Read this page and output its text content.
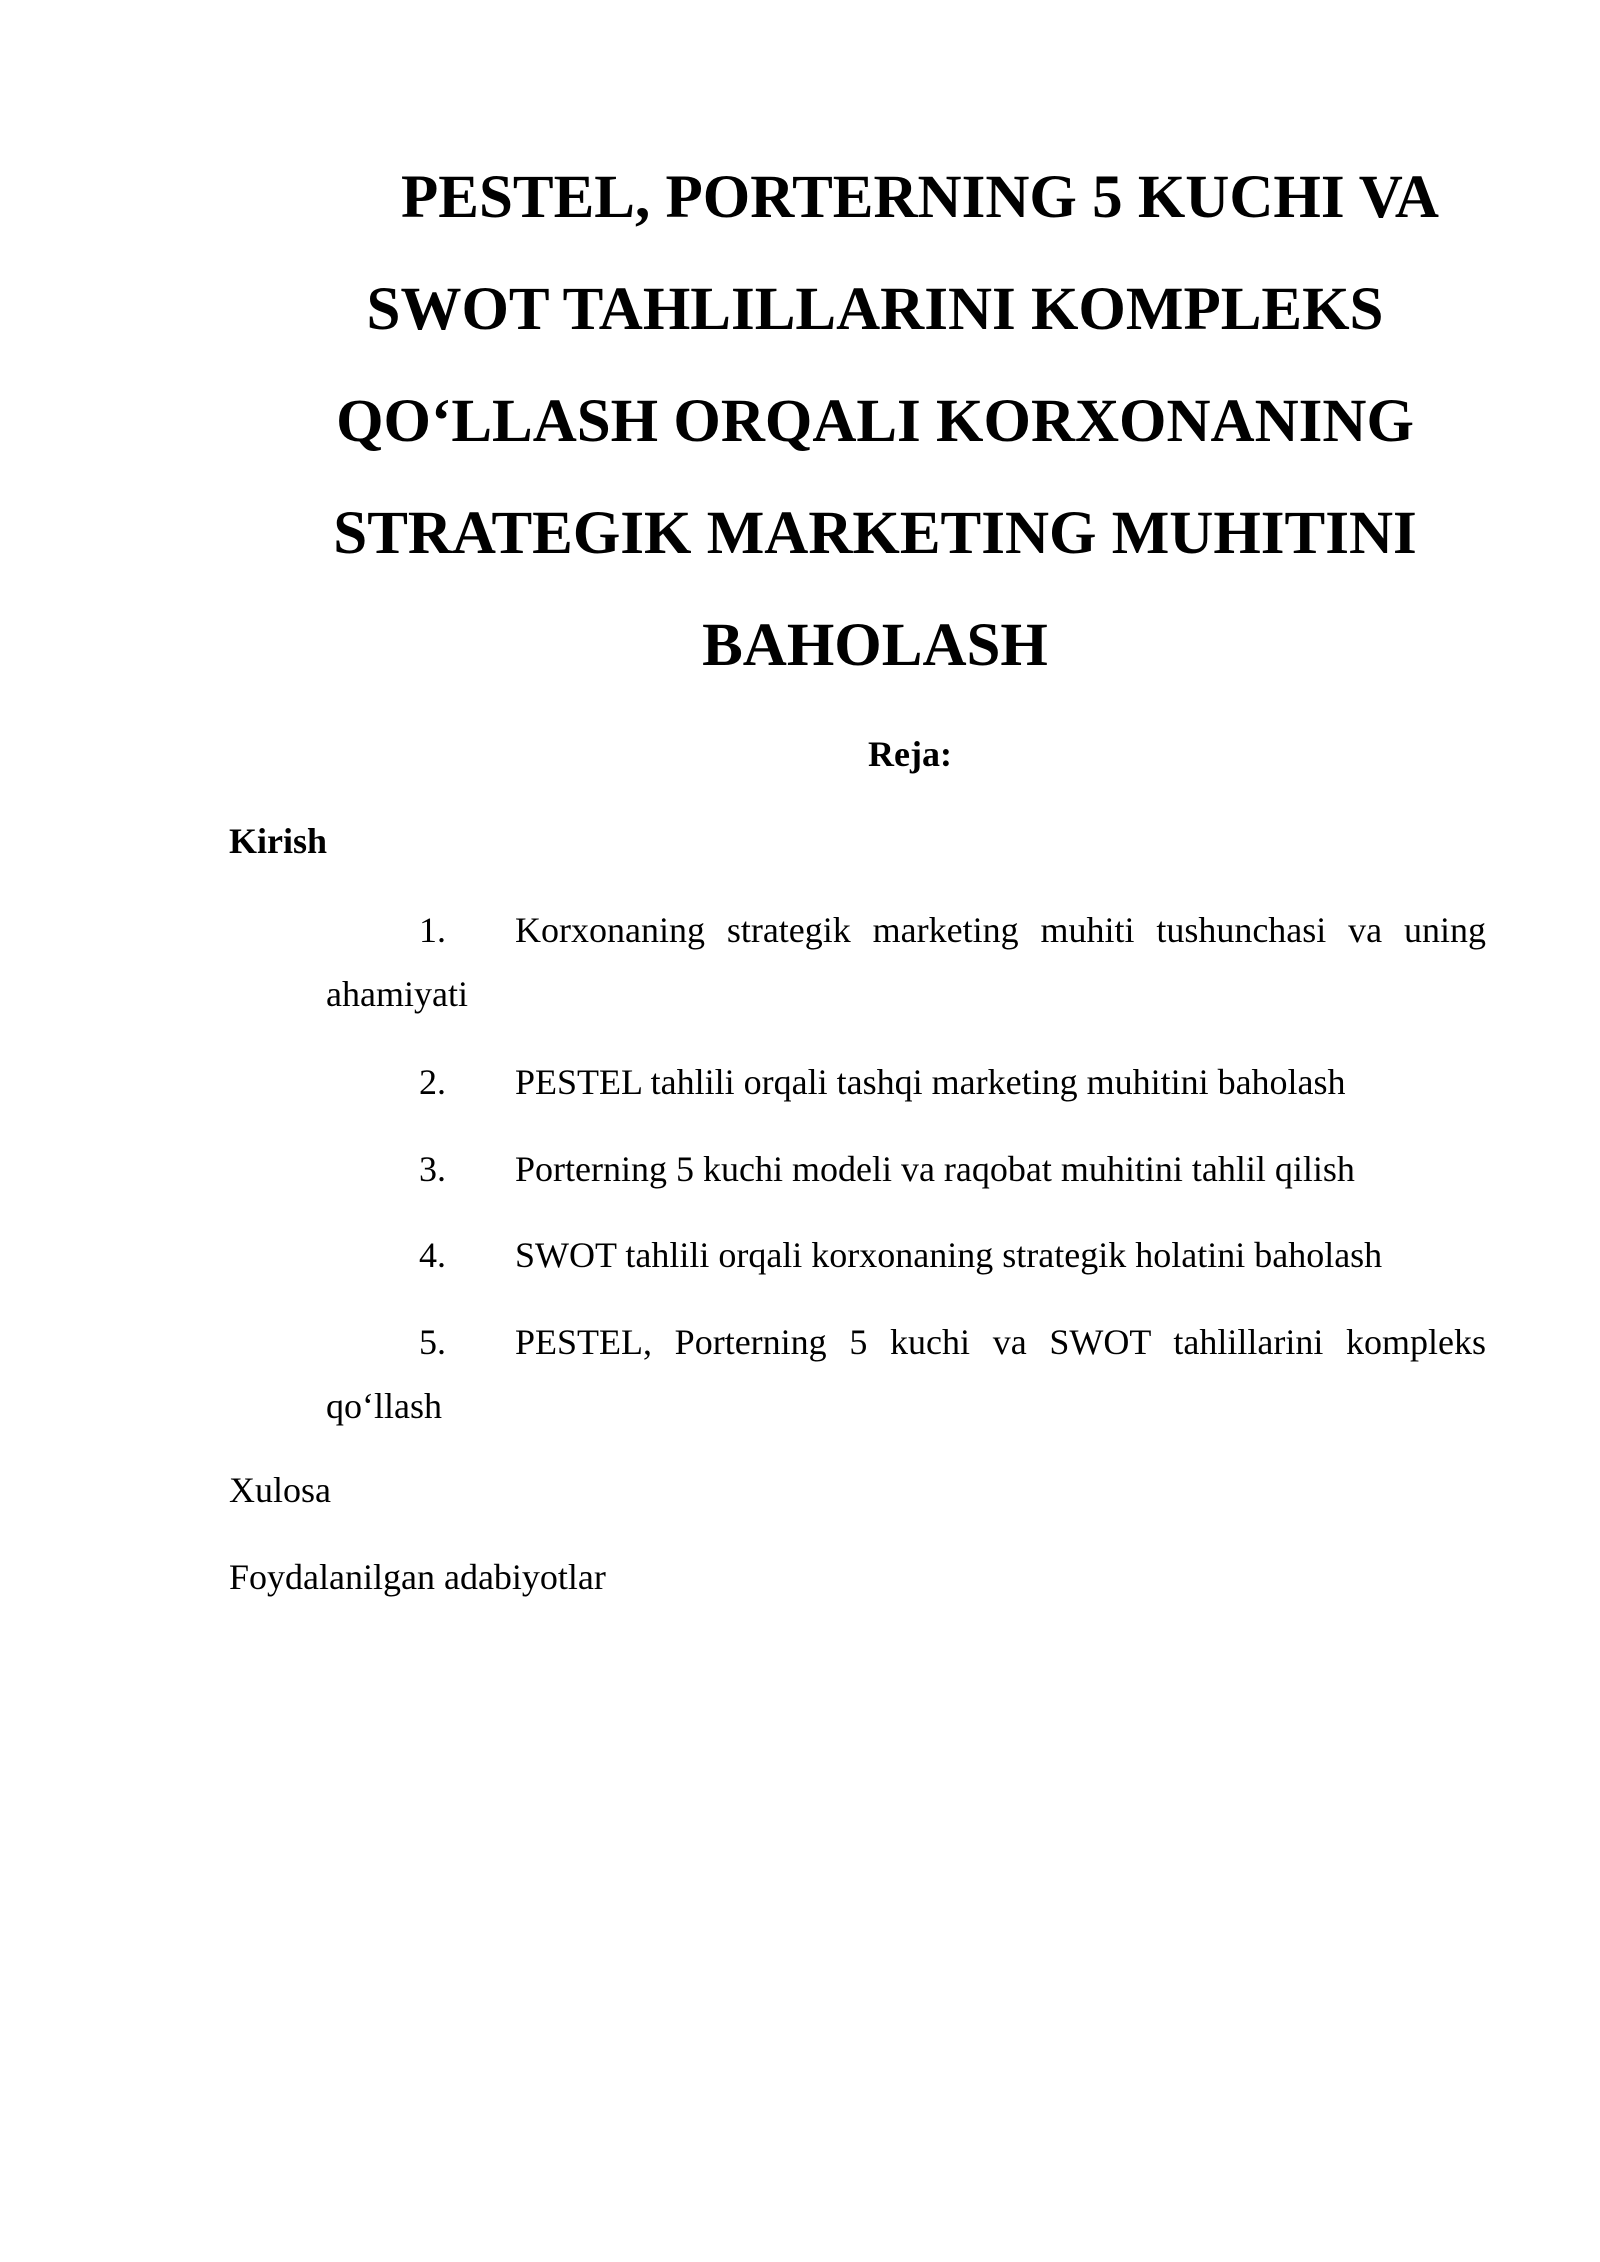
PESTEL, PORTERNING 5 KUCHI VA SWOT TAHLILLARINI KOMPLEKS QO‘LLASH ORQALI KORXONANING STRATEGIK MARKETING MUHITINI BAHOLASH
Reja:
Kirish
1.	Korxonaning strategik marketing muhiti tushunchasi va uning ahamiyati
2.	PESTEL tahlili orqali tashqi marketing muhitini baholash
3.	Porterning 5 kuchi modeli va raqobat muhitini tahlil qilish
4.	SWOT tahlili orqali korxonaning strategik holatini baholash
5.	PESTEL, Porterning 5 kuchi va SWOT tahlillarini kompleks qo‘llash
Xulosa
Foydalanilgan adabiyotlar
